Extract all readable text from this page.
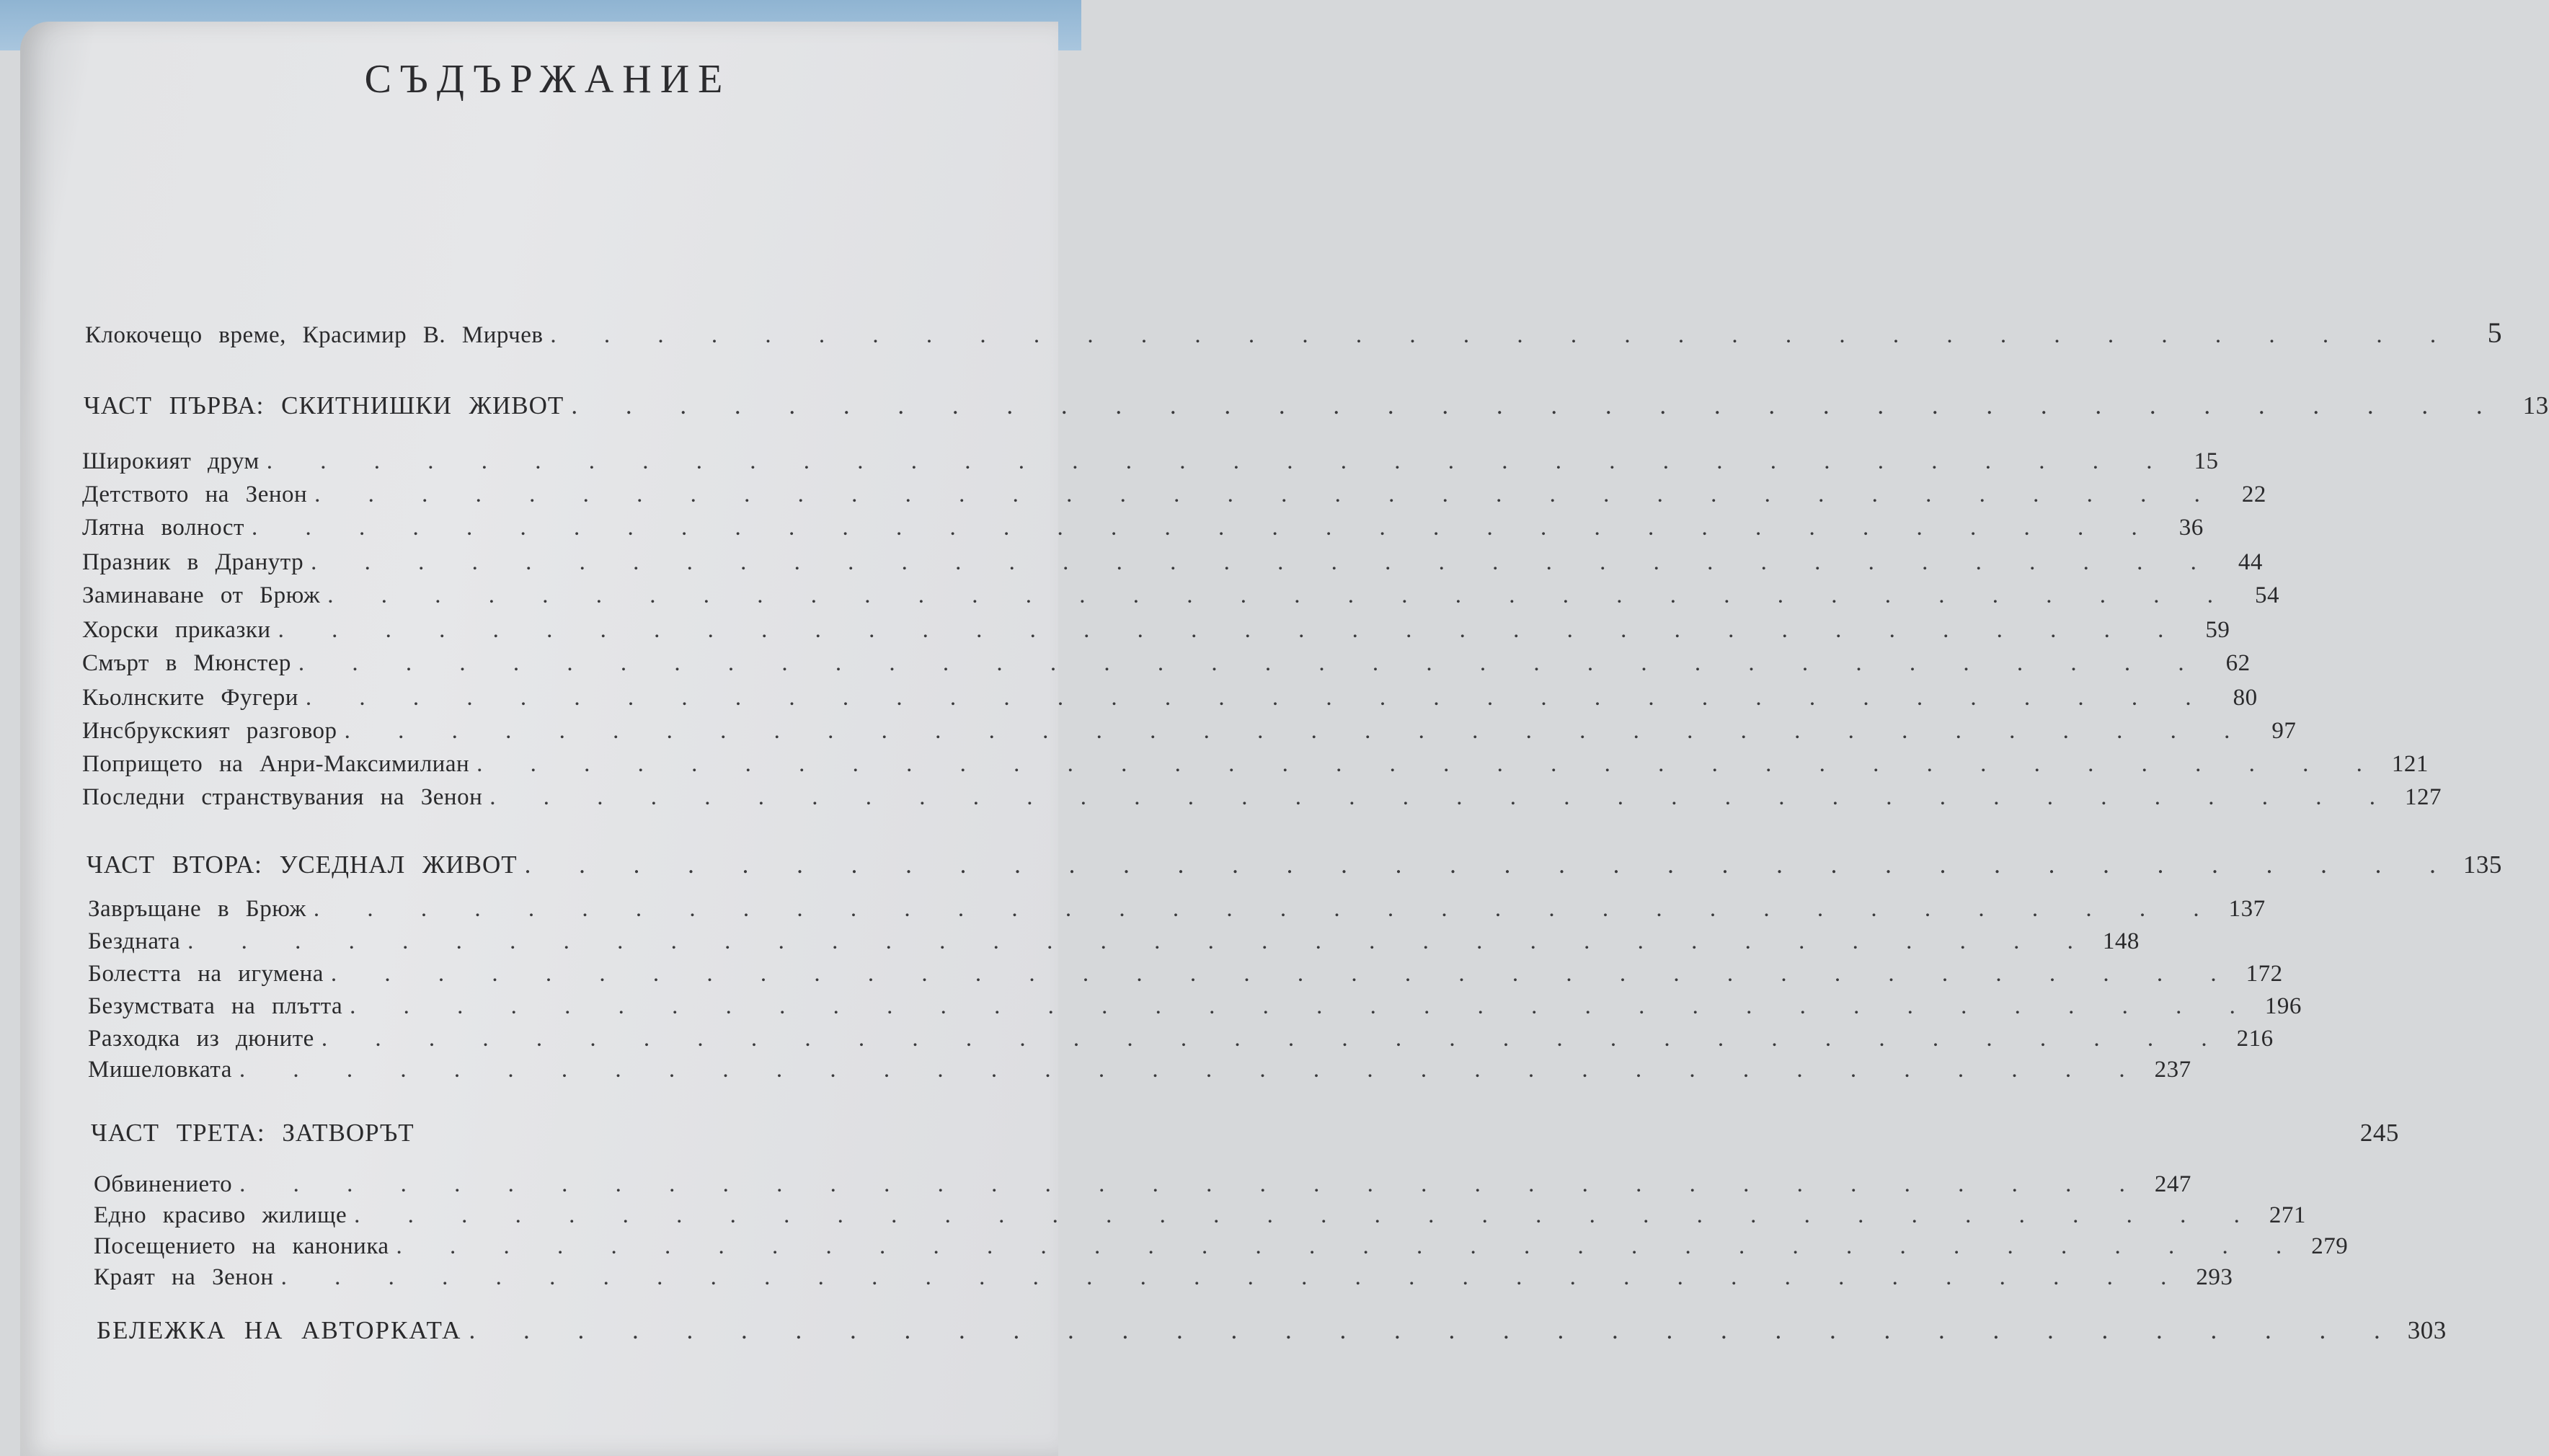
СЪДЪРЖАНИЕ
Клокочещо време, Красимир В. Мирчев . . . . . . . . . . . . . . . . . . . . . . . . . . . . . . . . . . . .	5
ЧАСТ ПЪРВА: СКИТНИШКИ ЖИВОТ . . . . . . . . . . . . . . . . . . . . . . . . . . . . . . . . . . . . 13
Широкият друм . . . . . . . . . . . . . . . . . . . . . . . . . . . . . . . . . . . .	15
Детството на Зенон . . . . . . . . . . . . . . . . . . . . . . . . . . . . . . . . . . . .	22
Лятна волност . . . . . . . . . . . . . . . . . . . . . . . . . . . . . . . . . . . .	36
Празник в Дранутр . . . . . . . . . . . . . . . . . . . . . . . . . . . . . . . . . . . .	44
Заминаване от Брюж . . . . . . . . . . . . . . . . . . . . . . . . . . . . . . . . . . . .	54
Хорски приказки . . . . . . . . . . . . . . . . . . . . . . . . . . . . . . . . . . . .	59
Смърт в Мюнстер . . . . . . . . . . . . . . . . . . . . . . . . . . . . . . . . . . . .	62
Кьолнските Фугери . . . . . . . . . . . . . . . . . . . . . . . . . . . . . . . . . . . .	80
Инсбрукският разговор . . . . . . . . . . . . . . . . . . . . . . . . . . . . . . . . . . . .	97
Попрището на Анри-Максимилиан . . . . . . . . . . . . . . . . . . . . . . . . . . . . . . . . . . . . 121
Последни странствувания на Зенон . . . . . . . . . . . . . . . . . . . . . . . . . . . . . . . . . . . . 127
ЧАСТ ВТОРА: УСЕДНАЛ ЖИВОТ . . . . . . . . . . . . . . . . . . . . . . . . . . . . . . . . . . . . 135
Завръщане в Брюж . . . . . . . . . . . . . . . . . . . . . . . . . . . . . . . . . . . . 137
Бездната . . . . . . . . . . . . . . . . . . . . . . . . . . . . . . . . . . . . 148
Болестта на игумена . . . . . . . . . . . . . . . . . . . . . . . . . . . . . . . . . . . . 172
Безумствата на плътта . . . . . . . . . . . . . . . . . . . . . . . . . . . . . . . . . . . . 196
Разходка из дюните . . . . . . . . . . . . . . . . . . . . . . . . . . . . . . . . . . . . 216
Мишеловката . . . . . . . . . . . . . . . . . . . . . . . . . . . . . . . . . . . . 237
ЧАСТ ТРЕТА: ЗАТВОРЪТ	245
Обвинението . . . . . . . . . . . . . . . . . . . . . . . . . . . . . . . . . . . . 247
Едно красиво жилище . . . . . . . . . . . . . . . . . . . . . . . . . . . . . . . . . . . . 271
Посещението на каноника . . . . . . . . . . . . . . . . . . . . . . . . . . . . . . . . . . . . 279
Краят на Зенон . . . . . . . . . . . . . . . . . . . . . . . . . . . . . . . . . . . . 293
БЕЛЕЖКА НА АВТОРКАТА . . . . . . . . . . . . . . . . . . . . . . . . . . . . . . . . . . . . 303
